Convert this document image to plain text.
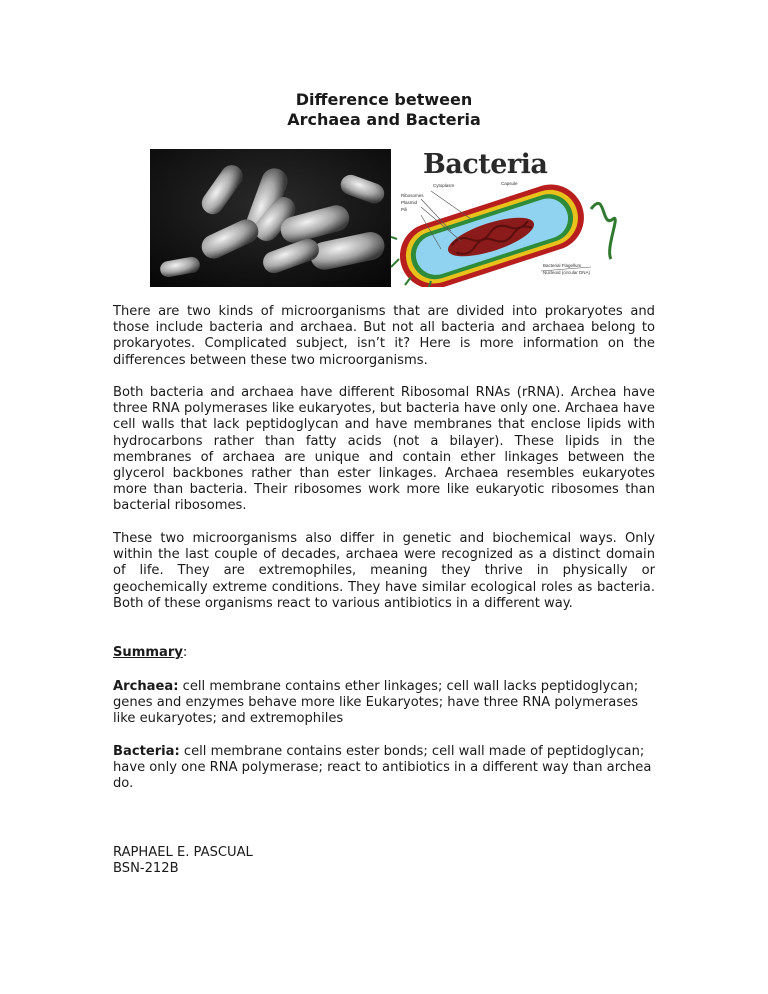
Difference between
Archaea and Bacteria
Bacteria
Cytoplasm	Capsule
Ribosomes
Plasmid
Pili
Bacterial Flagellum
Nucleoid (circular DNA)

There are two kinds of microorganisms that are divided into prokaryotes and those include bacteria and archaea. But not all bacteria and archaea belong to prokaryotes. Complicated subject, isn’t it? Here is more information on the differences between these two microorganisms.

Both bacteria and archaea have different Ribosomal RNAs (rRNA). Archea have three RNA polymerases like eukaryotes, but bacteria have only one. Archaea have cell walls that lack peptidoglycan and have membranes that enclose lipids with hydrocarbons rather than fatty acids (not a bilayer). These lipids in the membranes of archaea are unique and contain ether linkages between the glycerol backbones rather than ester linkages. Archaea resembles eukaryotes more than bacteria. Their ribosomes work more like eukaryotic ribosomes than bacterial ribosomes.

These two microorganisms also differ in genetic and biochemical ways. Only within the last couple of decades, archaea were recognized as a distinct domain of life. They are extremophiles, meaning they thrive in physically or geochemically extreme conditions. They have similar ecological roles as bacteria. Both of these organisms react to various antibiotics in a different way.

Summary:

Archaea: cell membrane contains ether linkages; cell wall lacks peptidoglycan; genes and enzymes behave more like Eukaryotes; have three RNA polymerases like eukaryotes; and extremophiles

Bacteria: cell membrane contains ester bonds; cell wall made of peptidoglycan; have only one RNA polymerase; react to antibiotics in a different way than archea do.

RAPHAEL E. PASCUAL
BSN-212B
